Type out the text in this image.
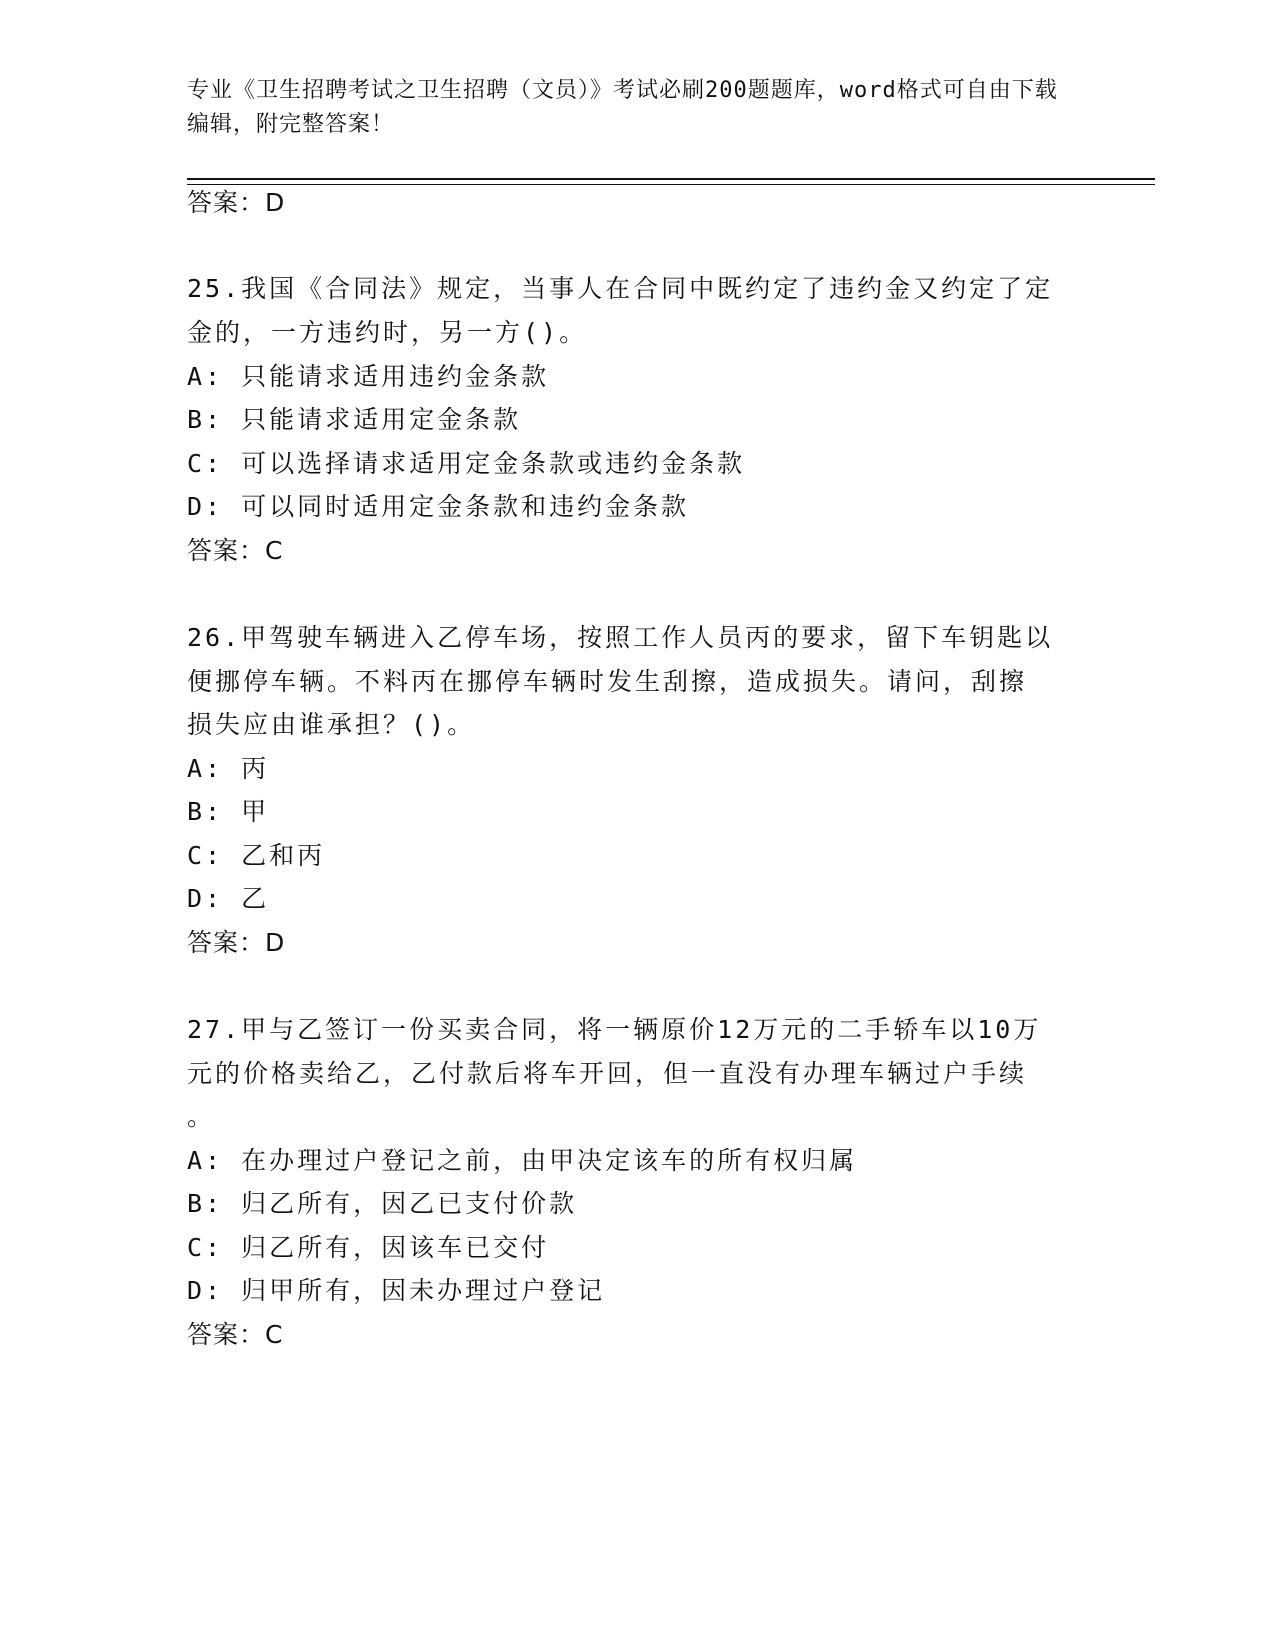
专业《卫生招聘考试之卫生招聘（文员）》考试必刷200题题库，word格式可自由下载编辑，附完整答案！
答案：D
25.我国《合同法》规定，当事人在合同中既约定了违约金又约定了定
金的，一方违约时，另一方()。
A: 只能请求适用违约金条款
B: 只能请求适用定金条款
C: 可以选择请求适用定金条款或违约金条款
D: 可以同时适用定金条款和违约金条款
答案：C
26.甲驾驶车辆进入乙停车场，按照工作人员丙的要求，留下车钥匙以
便挪停车辆。不料丙在挪停车辆时发生刮擦，造成损失。请问，刮擦
损失应由谁承担？()。
A: 丙
B: 甲
C: 乙和丙
D: 乙
答案：D
27.甲与乙签订一份买卖合同，将一辆原价12万元的二手轿车以10万
元的价格卖给乙，乙付款后将车开回，但一直没有办理车辆过户手续
。
A: 在办理过户登记之前，由甲决定该车的所有权归属
B: 归乙所有，因乙已支付价款
C: 归乙所有，因该车已交付
D: 归甲所有，因未办理过户登记
答案：C
